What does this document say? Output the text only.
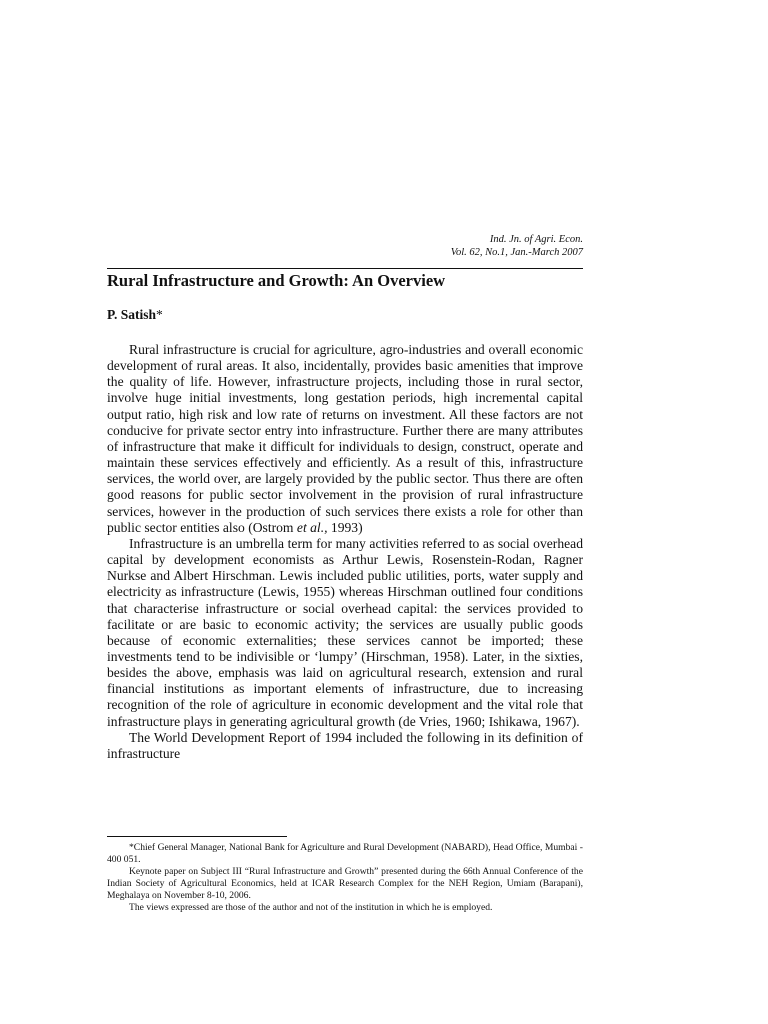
Ind. Jn. of Agri. Econ.
Vol. 62, No.1, Jan.-March 2007
Rural Infrastructure and Growth: An Overview
P. Satish*

Rural infrastructure is crucial for agriculture, agro-industries and overall economic development of rural areas. It also, incidentally, provides basic amenities that improve the quality of life. However, infrastructure projects, including those in rural sector, involve huge initial investments, long gestation periods, high incremental capital output ratio, high risk and low rate of returns on investment. All these factors are not conducive for private sector entry into infrastructure. Further there are many attributes of infrastructure that make it difficult for individuals to design, construct, operate and maintain these services effectively and efficiently. As a result of this, infrastructure services, the world over, are largely provided by the public sector. Thus there are often good reasons for public sector involvement in the provision of rural infrastructure services, however in the production of such services there exists a role for other than public sector entities also (Ostrom et al., 1993)

Infrastructure is an umbrella term for many activities referred to as social overhead capital by development economists as Arthur Lewis, Rosenstein-Rodan, Ragner Nurkse and Albert Hirschman. Lewis included public utilities, ports, water supply and electricity as infrastructure (Lewis, 1955) whereas Hirschman outlined four conditions that characterise infrastructure or social overhead capital: the services provided to facilitate or are basic to economic activity; the services are usually public goods because of economic externalities; these services cannot be imported; these investments tend to be indivisible or ‘lumpy’ (Hirschman, 1958). Later, in the sixties, besides the above, emphasis was laid on agricultural research, extension and rural financial institutions as important elements of infrastructure, due to increasing recognition of the role of agriculture in economic development and the vital role that infrastructure plays in generating agricultural growth (de Vries, 1960; Ishikawa, 1967).

The World Development Report of 1994 included the following in its definition of infrastructure

*Chief General Manager, National Bank for Agriculture and Rural Development (NABARD), Head Office, Mumbai - 400 051.

Keynote paper on Subject III “Rural Infrastructure and Growth” presented during the 66th Annual Conference of the Indian Society of Agricultural Economics, held at ICAR Research Complex for the NEH Region, Umiam (Barapani), Meghalaya on November 8-10, 2006.

The views expressed are those of the author and not of the institution in which he is employed.
